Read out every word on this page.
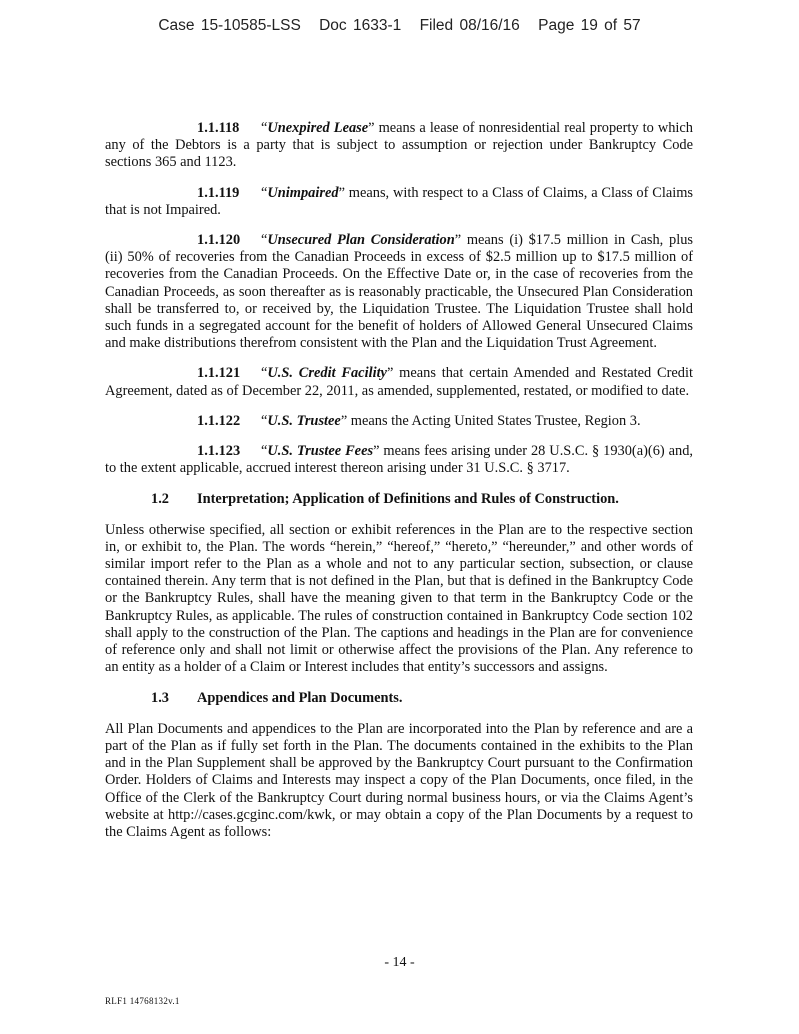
Case 15-10585-LSS Doc 1633-1 Filed 08/16/16 Page 19 of 57

1.1.118 “Unexpired Lease” means a lease of nonresidential real property to which any of the Debtors is a party that is subject to assumption or rejection under Bankruptcy Code sections 365 and 1123.

1.1.119 “Unimpaired” means, with respect to a Class of Claims, a Class of Claims that is not Impaired.

1.1.120 “Unsecured Plan Consideration” means (i) $17.5 million in Cash, plus (ii) 50% of recoveries from the Canadian Proceeds in excess of $2.5 million up to $17.5 million of recoveries from the Canadian Proceeds. On the Effective Date or, in the case of recoveries from the Canadian Proceeds, as soon thereafter as is reasonably practicable, the Unsecured Plan Consideration shall be transferred to, or received by, the Liquidation Trustee. The Liquidation Trustee shall hold such funds in a segregated account for the benefit of holders of Allowed General Unsecured Claims and make distributions therefrom consistent with the Plan and the Liquidation Trust Agreement.

1.1.121 “U.S. Credit Facility” means that certain Amended and Restated Credit Agreement, dated as of December 22, 2011, as amended, supplemented, restated, or modified to date.

1.1.122 “U.S. Trustee” means the Acting United States Trustee, Region 3.

1.1.123 “U.S. Trustee Fees” means fees arising under 28 U.S.C. § 1930(a)(6) and, to the extent applicable, accrued interest thereon arising under 31 U.S.C. § 3717.

1.2 Interpretation; Application of Definitions and Rules of Construction.

Unless otherwise specified, all section or exhibit references in the Plan are to the respective section in, or exhibit to, the Plan. The words “herein,” “hereof,” “hereto,” “hereunder,” and other words of similar import refer to the Plan as a whole and not to any particular section, subsection, or clause contained therein. Any term that is not defined in the Plan, but that is defined in the Bankruptcy Code or the Bankruptcy Rules, shall have the meaning given to that term in the Bankruptcy Code or the Bankruptcy Rules, as applicable. The rules of construction contained in Bankruptcy Code section 102 shall apply to the construction of the Plan. The captions and headings in the Plan are for convenience of reference only and shall not limit or otherwise affect the provisions of the Plan. Any reference to an entity as a holder of a Claim or Interest includes that entity’s successors and assigns.

1.3 Appendices and Plan Documents.

All Plan Documents and appendices to the Plan are incorporated into the Plan by reference and are a part of the Plan as if fully set forth in the Plan. The documents contained in the exhibits to the Plan and in the Plan Supplement shall be approved by the Bankruptcy Court pursuant to the Confirmation Order. Holders of Claims and Interests may inspect a copy of the Plan Documents, once filed, in the Office of the Clerk of the Bankruptcy Court during normal business hours, or via the Claims Agent’s website at http://cases.gcginc.com/kwk, or may obtain a copy of the Plan Documents by a request to the Claims Agent as follows:

- 14 -
RLF1 14768132v.1
